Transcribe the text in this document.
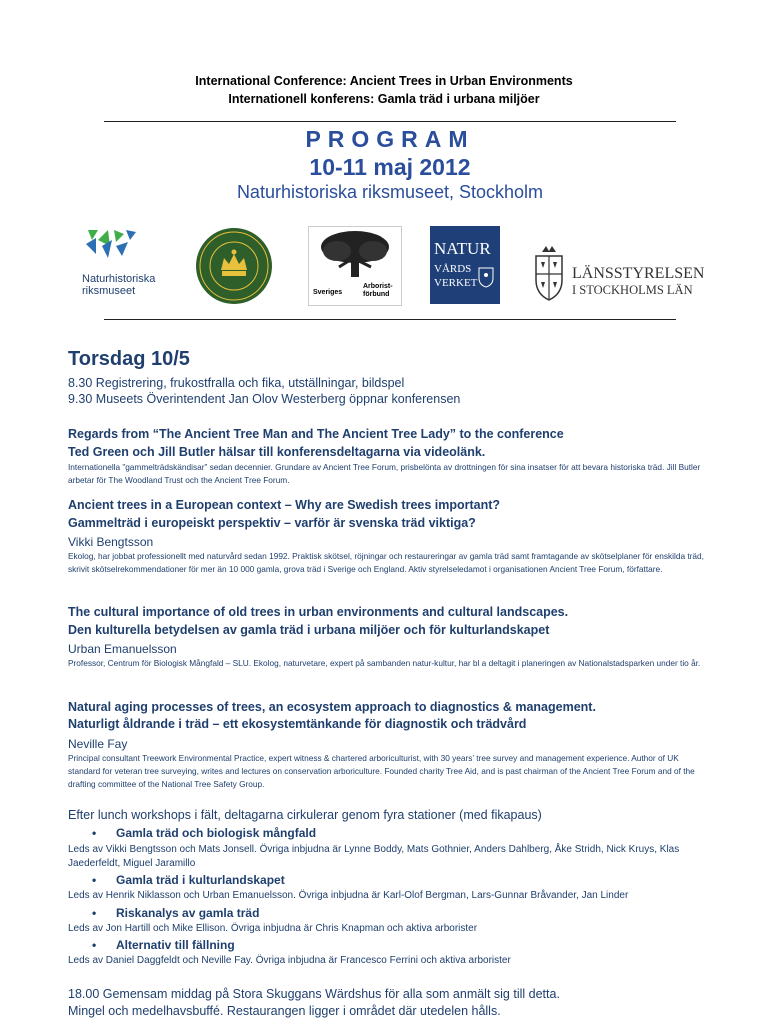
International Conference: Ancient Trees in Urban Environments
Internationell konferens: Gamla träd i urbana miljöer
PROGRAM
10-11 maj 2012
Naturhistoriska riksmuseet, Stockholm
Naturhistoriska
riksmuseet	Sveriges
Arborist-
förbund
NATUR
VÅRDS
VERKET
LÄNSSTYRELSEN
I STOCKHOLMS LÄN
Torsdag 10/5
8.30 Registrering, frukostfralla och fika, utställningar, bildspel
9.30 Museets Överintendent Jan Olov Westerberg öppnar konferensen
Regards from “The Ancient Tree Man and The Ancient Tree Lady” to the conference
Ted Green och Jill Butler hälsar till konferensdeltagarna via videolänk.
Internationella ”gammelträdskändisar” sedan decennier. Grundare av Ancient Tree Forum, prisbelönta av drottningen för sina insatser för att bevara historiska träd. Jill Butler arbetar för The Woodland Trust och the Ancient Tree Forum.
Ancient trees in a European context – Why are Swedish trees important?
Gammelträd i europeiskt perspektiv – varför är svenska träd viktiga?
Vikki Bengtsson
Ekolog, har jobbat professionellt med naturvård sedan 1992. Praktisk skötsel, röjningar och restaureringar av gamla träd samt framtagande av skötselplaner för enskilda träd, skrivit skötselrekommendationer för mer än 10 000 gamla, grova träd i Sverige och England. Aktiv styrelseledamot i organisationen Ancient Tree Forum, författare.
The cultural importance of old trees in urban environments and cultural landscapes.
Den kulturella betydelsen av gamla träd i urbana miljöer och för kulturlandskapet
Urban Emanuelsson
Professor, Centrum för Biologisk Mångfald – SLU. Ekolog, naturvetare, expert på sambanden natur-kultur, har bl a deltagit i planeringen av Nationalstadsparken under tio år.
Natural aging processes of trees, an ecosystem approach to diagnostics & management.
Naturligt åldrande i träd – ett ekosystemtänkande för diagnostik och trädvård
Neville Fay
Principal consultant Treework Environmental Practice, expert witness & chartered arboriculturist, with 30 years’ tree survey and management experience. Author of UK standard for veteran tree surveying, writes and lectures on conservation arboriculture. Founded charity Tree Aid, and is past chairman of the Ancient Tree Forum and of the drafting committee of the National Tree Safety Group.
Efter lunch workshops i fält, deltagarna cirkulerar genom fyra stationer (med fikapaus)
• Gamla träd och biologisk mångfald
Leds av Vikki Bengtsson och Mats Jonsell. Övriga inbjudna är Lynne Boddy, Mats Gothnier, Anders Dahlberg, Åke Stridh, Nick Kruys, Klas Jaederfeldt, Miguel Jaramillo
• Gamla träd i kulturlandskapet
Leds av Henrik Niklasson och Urban Emanuelsson. Övriga inbjudna är Karl-Olof Bergman, Lars-Gunnar Bråvander, Jan Linder
• Riskanalys av gamla träd
Leds av Jon Hartill och Mike Ellison. Övriga inbjudna är Chris Knapman och aktiva arborister
• Alternativ till fällning
Leds av Daniel Daggfeldt och Neville Fay. Övriga inbjudna är Francesco Ferrini och aktiva arborister
18.00 Gemensam middag på Stora Skuggans Wärdshus för alla som anmält sig till detta.
Mingel och medelhavsbuffé. Restaurangen ligger i området där utedelen hålls.
